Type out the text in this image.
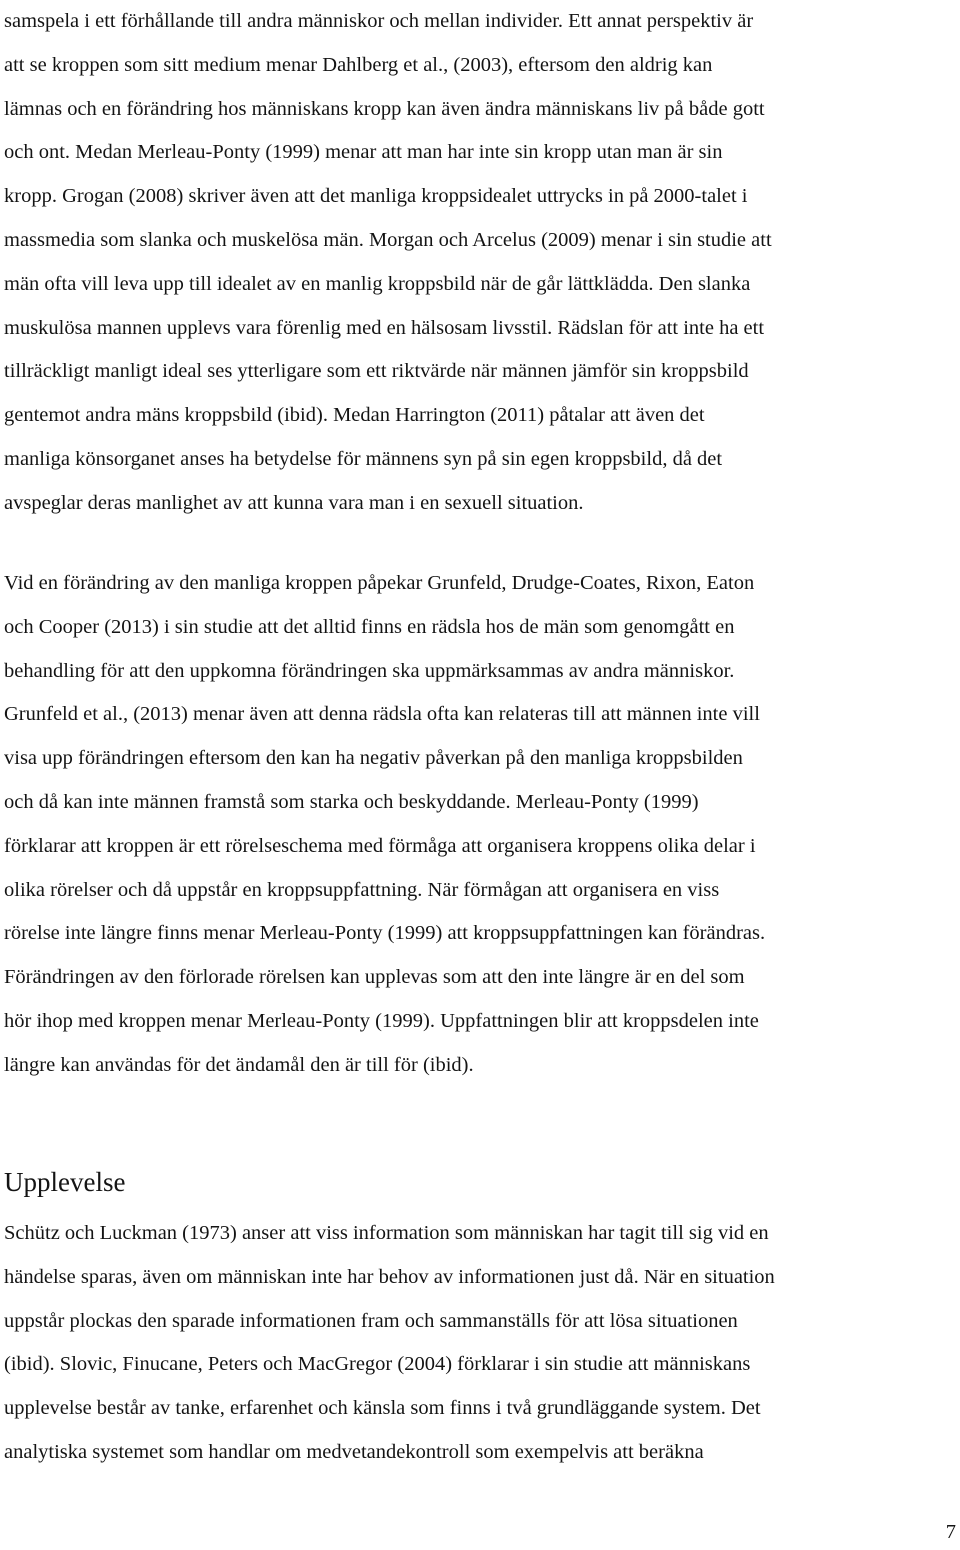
samspela i ett förhållande till andra människor och mellan individer. Ett annat perspektiv är
att se kroppen som sitt medium menar Dahlberg et al., (2003), eftersom den aldrig kan
lämnas och en förändring hos människans kropp kan även ändra människans liv på både gott
och ont. Medan Merleau-Ponty (1999) menar att man har inte sin kropp utan man är sin
kropp. Grogan (2008) skriver även att det manliga kroppsidealet uttrycks in på 2000-talet i
massmedia som slanka och muskelösa män. Morgan och Arcelus (2009) menar i sin studie att
män ofta vill leva upp till idealet av en manlig kroppsbild när de går lättklädda. Den slanka
muskulösa mannen upplevs vara förenlig med en hälsosam livsstil. Rädslan för att inte ha ett
tillräckligt manligt ideal ses ytterligare som ett riktvärde när männen jämför sin kroppsbild
gentemot andra mäns kroppsbild (ibid). Medan Harrington (2011) påtalar att även det
manliga könsorganet anses ha betydelse för männens syn på sin egen kroppsbild, då det
avspeglar deras manlighet av att kunna vara man i en sexuell situation.

Vid en förändring av den manliga kroppen påpekar Grunfeld, Drudge-Coates, Rixon, Eaton
och Cooper (2013) i sin studie att det alltid finns en rädsla hos de män som genomgått en
behandling för att den uppkomna förändringen ska uppmärksammas av andra människor.
Grunfeld et al., (2013) menar även att denna rädsla ofta kan relateras till att männen inte vill
visa upp förändringen eftersom den kan ha negativ påverkan på den manliga kroppsbilden
och då kan inte männen framstå som starka och beskyddande. Merleau-Ponty (1999)
förklarar att kroppen är ett rörelseschema med förmåga att organisera kroppens olika delar i
olika rörelser och då uppstår en kroppsuppfattning. När förmågan att organisera en viss
rörelse inte längre finns menar Merleau-Ponty (1999) att kroppsuppfattningen kan förändras.
Förändringen av den förlorade rörelsen kan upplevas som att den inte längre är en del som
hör ihop med kroppen menar Merleau-Ponty (1999). Uppfattningen blir att kroppsdelen inte
längre kan användas för det ändamål den är till för (ibid).

Upplevelse

Schütz och Luckman (1973) anser att viss information som människan har tagit till sig vid en
händelse sparas, även om människan inte har behov av informationen just då. När en situation
uppstår plockas den sparade informationen fram och sammanställs för att lösa situationen
(ibid). Slovic, Finucane, Peters och MacGregor (2004) förklarar i sin studie att människans
upplevelse består av tanke, erfarenhet och känsla som finns i två grundläggande system. Det
analytiska systemet som handlar om medvetandekontroll som exempelvis att beräkna

7
